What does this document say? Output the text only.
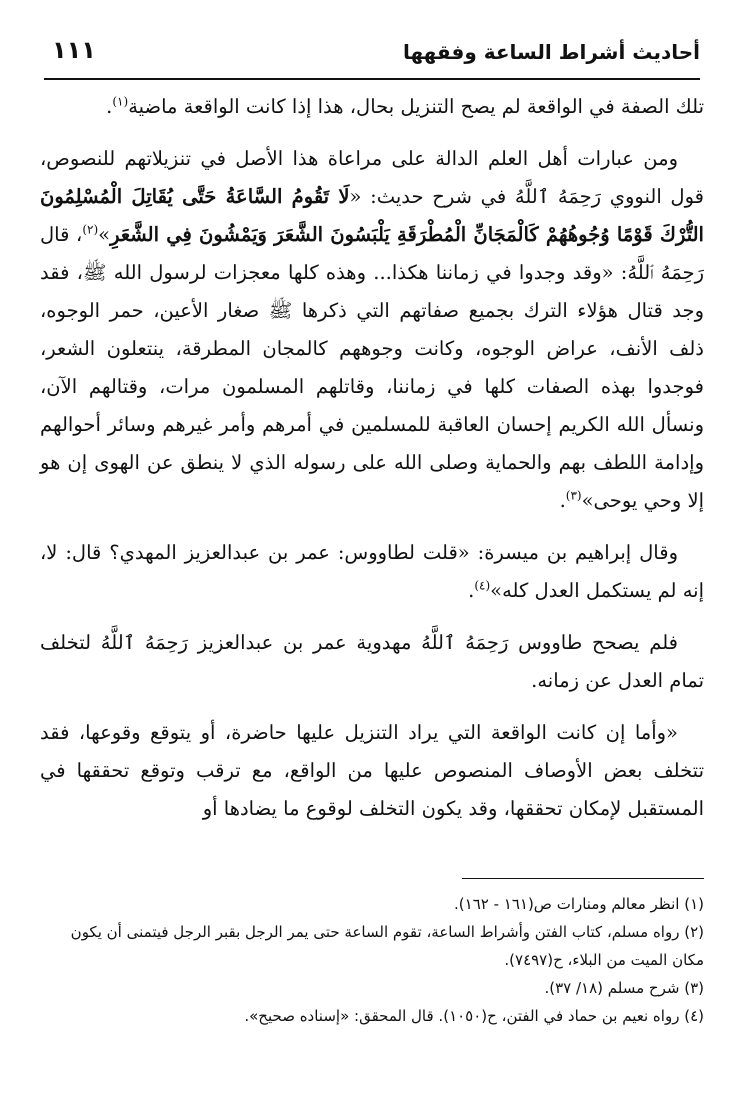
١١١	أحاديث أشراط الساعة وفقهها

تلك الصفة في الواقعة لم يصح التنزيل بحال، هذا إذا كانت الواقعة ماضية$^{(١)}$.

ومن عبارات أهل العلم الدالة على مراعاة هذا الأصل في تنزيلاتهم للنصوص، قول النووي رَحِمَهُ ٱللَّهُ في شرح حديث: «لَا تَقُومُ السَّاعَةُ حَتَّى يُقَاتِلَ الْمُسْلِمُونَ التُّرْكَ قَوْمًا وُجُوهُهُمْ كَالْمَجَانِّ الْمُطْرَقَةِ يَلْبَسُونَ الشَّعَرَ وَيَمْشُونَ فِي الشَّعَرِ»$^{(٢)}$، قال رَحِمَهُ ٱللَّهُ: «وقد وجدوا في زماننا هكذا... وهذه كلها معجزات لرسول الله ﷺ، فقد وجد قتال هؤلاء الترك بجميع صفاتهم التي ذكرها ﷺ صغار الأعين، حمر الوجوه، ذلف الأنف، عراض الوجوه، وكانت وجوههم كالمجان المطرقة، ينتعلون الشعر، فوجدوا بهذه الصفات كلها في زماننا، وقاتلهم المسلمون مرات، وقتالهم الآن، ونسأل الله الكريم إحسان العاقبة للمسلمين في أمرهم وأمر غيرهم وسائر أحوالهم وإدامة اللطف بهم والحماية وصلى الله على رسوله الذي لا ينطق عن الهوى إن هو إلا وحي يوحى»$^{(٣)}$.

وقال إبراهيم بن ميسرة: «قلت لطاووس: عمر بن عبدالعزيز المهدي؟ قال: لا، إنه لم يستكمل العدل كله»$^{(٤)}$.

فلم يصحح طاووس رَحِمَهُ ٱللَّهُ مهدوية عمر بن عبدالعزيز رَحِمَهُ ٱللَّهُ لتخلف تمام العدل عن زمانه.

«وأما إن كانت الواقعة التي يراد التنزيل عليها حاضرة، أو يتوقع وقوعها، فقد تتخلف بعض الأوصاف المنصوص عليها من الواقع، مع ترقب وتوقع تحققها في المستقبل لإمكان تحققها، وقد يكون التخلف لوقوع ما يضادها أو

(١) انظر معالم ومنارات ص(١٦١ - ١٦٢).
(٢) رواه مسلم، كتاب الفتن وأشراط الساعة، تقوم الساعة حتى يمر الرجل بقبر الرجل فيتمنى أن يكون مكان الميت من البلاء، ح(٧٤٩٧).
(٣) شرح مسلم (١٨/ ٣٧).
(٤) رواه نعيم بن حماد في الفتن، ح(١٠٥٠). قال المحقق: «إسناده صحيح».
